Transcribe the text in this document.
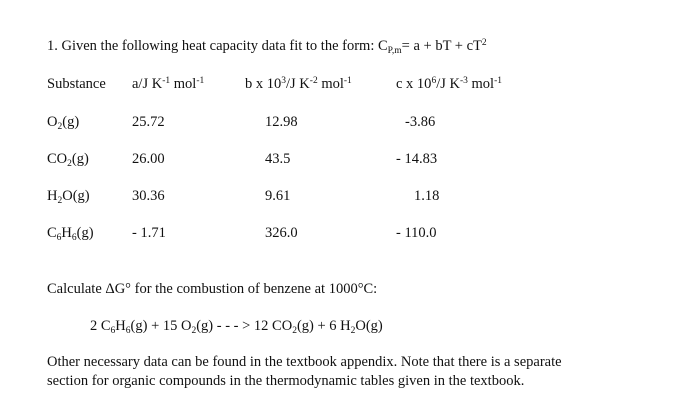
1. Given the following heat capacity data fit to the form: $C_{P,m}= a$ + bT + $cT^2$
Substance a/J $K^{-1}$ mol$^{-1}$	b x $10^3/J$ $K^{-2}$ mol$^{-1}$	c x $10^6/J$ $K^{-3}$ mol$^{-1}$
$O_2(g)$	25.72	12.98	-3.86
$CO_2(g)$	26.00	43.5	- 14.83
$H_2O(g)$	30.36	9.61	1.18
$C_6H_6(g)$	- 1.71	326.0	- 110.0
Calculate ΔG° for the combustion of benzene at 1000°C:
2 $C_6H_6(g) + 15$ $O_2(g)$ - - - > 12 $CO_2(g) + 6$ $H_2O(g)$
Other necessary data can be found in the textbook appendix. Note that there is a separate
section for organic compounds in the thermodynamic tables given in the textbook.
